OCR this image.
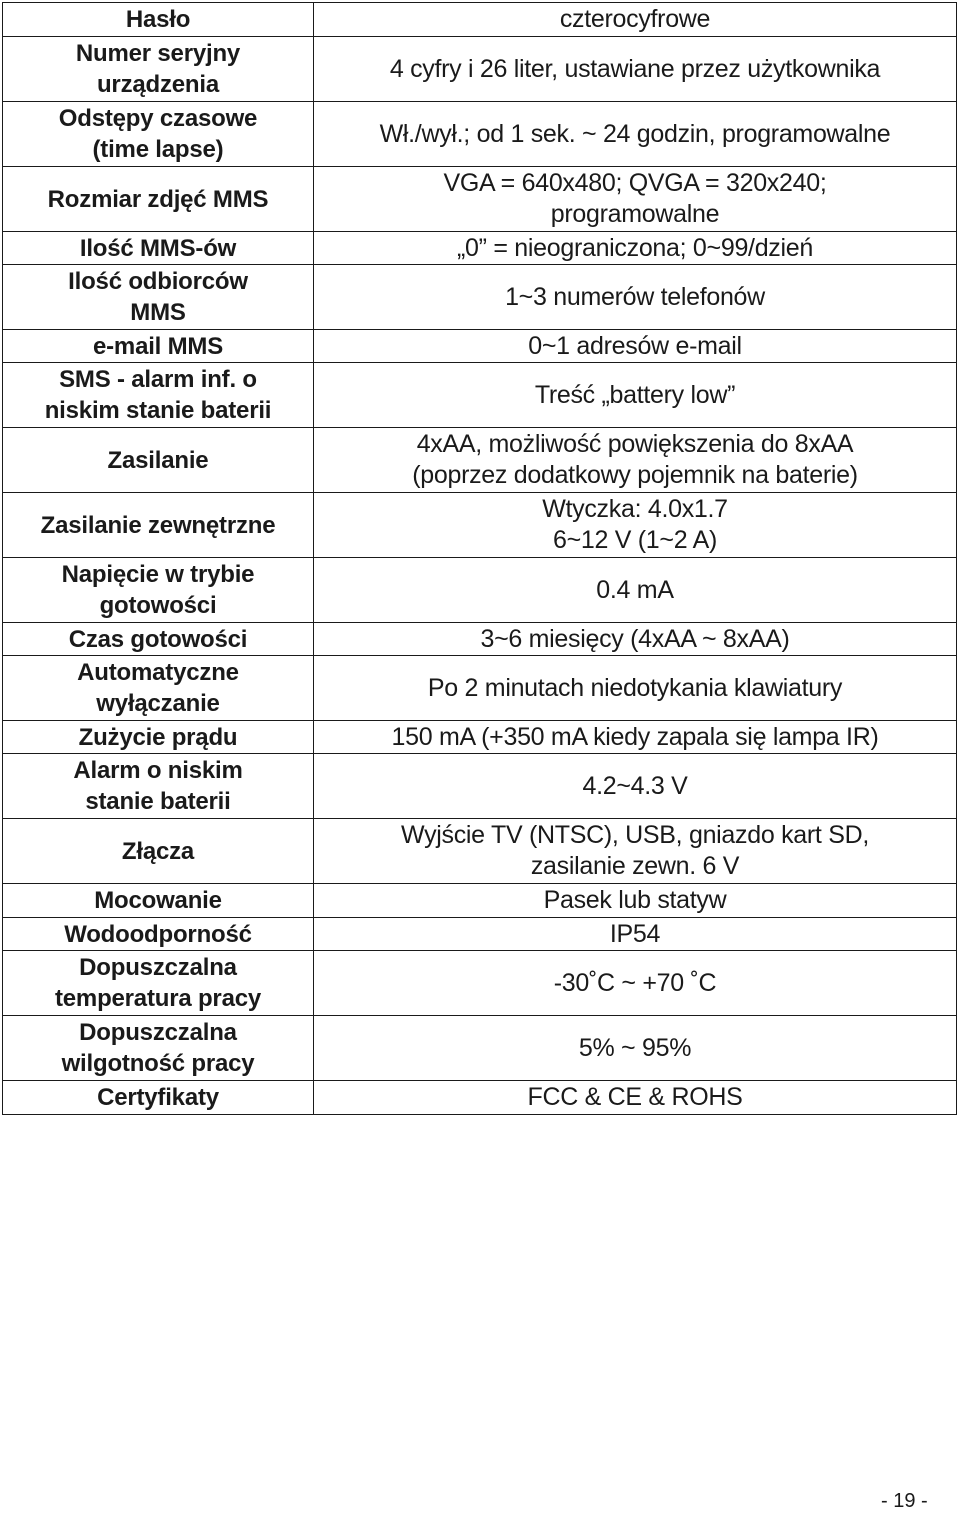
Hasło	czterocyfrowe

Numer seryjny
urządzenia	4 cyfry i 26 liter, ustawiane przez użytkownika

Odstępy czasowe
(time lapse)	Wł./wył.; od 1 sek. ~ 24 godzin, programowalne

Rozmiar zdjęć MMS	VGA = 640x480; QVGA = 320x240;
programowalne

Ilość MMS-ów	„0” = nieograniczona; 0~99/dzień

Ilość odbiorców
MMS	1~3 numerów telefonów

e-mail MMS	0~1 adresów e-mail

SMS - alarm inf. o
niskim stanie baterii	Treść „battery low”

Zasilanie	4xAA, możliwość powiększenia do 8xAA
(poprzez dodatkowy pojemnik na baterie)

Zasilanie zewnętrzne	Wtyczka: 4.0x1.7
6~12 V (1~2 A)

Napięcie w trybie
gotowości	0.4 mA

Czas gotowości	3~6 miesięcy (4xAA ~ 8xAA)

Automatyczne
wyłączanie	Po 2 minutach niedotykania klawiatury

Zużycie prądu	150 mA (+350 mA kiedy zapala się lampa IR)

Alarm o niskim
stanie baterii	4.2~4.3 V

Złącza	Wyjście TV (NTSC), USB, gniazdo kart SD,
zasilanie zewn. 6 V

Mocowanie	Pasek lub statyw

Wodoodporność	IP54

Dopuszczalna
temperatura pracy	-30˚C ~ +70 ˚C

Dopuszczalna
wilgotność pracy	5% ~ 95%

Certyfikaty	FCC & CE & ROHS
- 19 -
